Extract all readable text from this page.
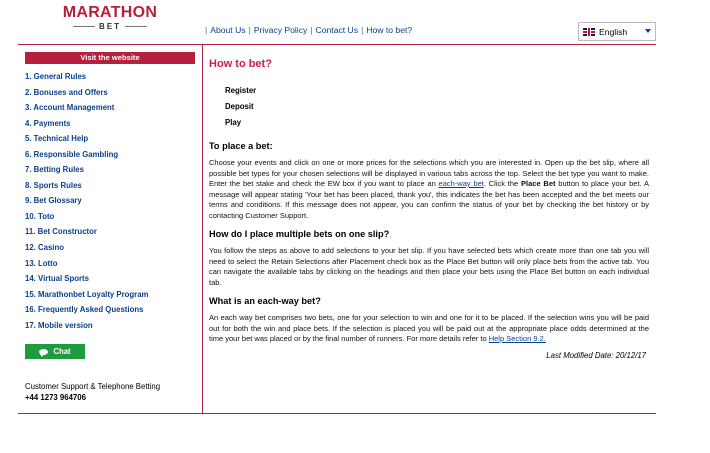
MARATHON
BET	| About Us | Privacy Policy | Contact Us | How to bet?	English
Visit the website
1. General Rules
2. Bonuses and Offers
3. Account Management
4. Payments
5. Technical Help
6. Responsible Gambling
7. Betting Rules
8. Sports Rules
9. Bet Glossary
10. Toto
11. Bet Constructor
12. Casino
13. Lotto
14. Virtual Sports
15. Marathonbet Loyalty Program
16. Frequently Asked Questions
17. Mobile version
Chat
Customer Support & Telephone Betting
+44 1273 964706
How to bet?
Register
Deposit
Play
To place a bet:

Choose your events and click on one or more prices for the selections which you are interested in. Open up the bet slip, where all possible bet types for your chosen selections will be displayed in various tabs across the top. Select the bet type you want to make. Enter the bet stake and check the EW box if you want to place an each-way bet. Click the Place Bet button to place your bet. A message will appear stating 'Your bet has been placed, thank you', this indicates the bet has been accepted and the bet meets our terms and conditions. If this message does not appear, you can confirm the status of your bet by checking the bet history or by contacting Customer Support.

How do I place multiple bets on one slip?

You follow the steps as above to add selections to your bet slip. If you have selected bets which create more than one tab you will need to select the Retain Selections after Placement check box as the Place Bet button will only place bets from the active tab. You can navigate the available tabs by clicking on the headings and then place your bets using the Place Bet button on each individual tab.

What is an each-way bet?

An each way bet comprises two bets, one for your selection to win and one for it to be placed. If the selection wins you will be paid out for both the win and place bets. If the selection is placed you will be paid out at the appropriate place odds determined at the time your bet was placed or by the final number of runners. For more details refer to Help Section 9.2.

Last Modified Date: 20/12/17
